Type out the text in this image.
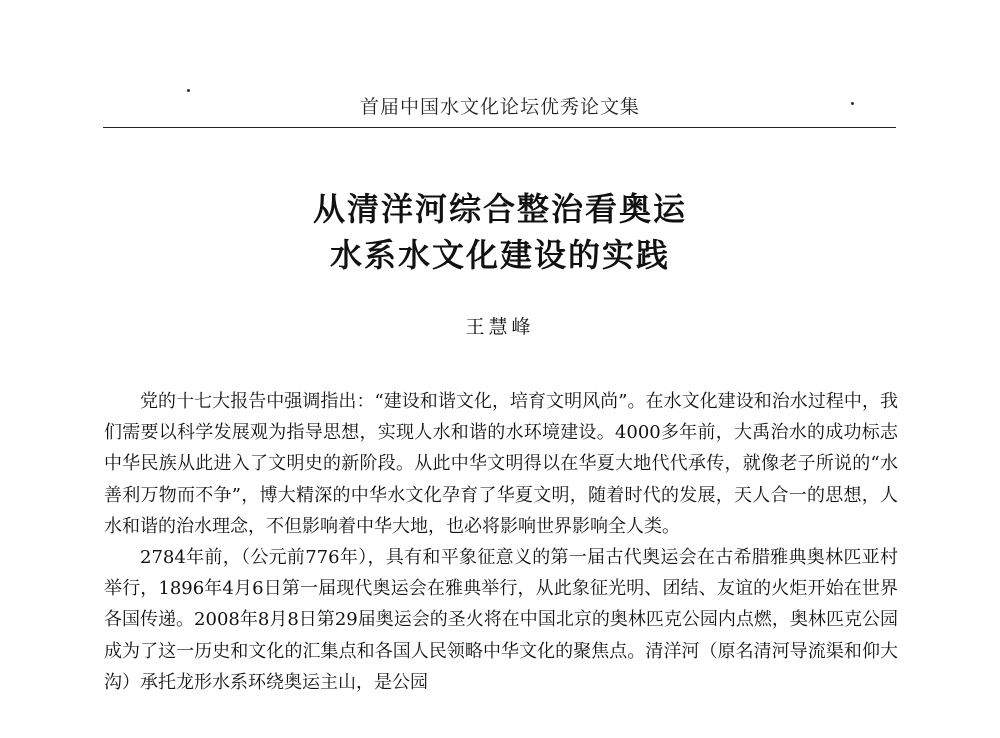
首届中国水文化论坛优秀论文集
从清洋河综合整治看奥运
水系水文化建设的实践
王慧峰

党的十七大报告中强调指出：“建设和谐文化，培育文明风尚”。在水文化建设和治水过程中，我们需要以科学发展观为指导思想，实现人水和谐的水环境建设。4000多年前，大禹治水的成功标志中华民族从此进入了文明史的新阶段。从此中华文明得以在华夏大地代代承传，就像老子所说的“水善利万物而不争”，博大精深的中华水文化孕育了华夏文明，随着时代的发展，天人合一的思想，人水和谐的治水理念，不但影响着中华大地，也必将影响世界影响全人类。

2784年前，（公元前776年），具有和平象征意义的第一届古代奥运会在古希腊雅典奥林匹亚村举行，1896年4月6日第一届现代奥运会在雅典举行，从此象征光明、团结、友谊的火炬开始在世界各国传递。2008年8月8日第29届奥运会的圣火将在中国北京的奥林匹克公园内点燃，奥林匹克公园成为了这一历史和文化的汇集点和各国人民领略中华文化的聚焦点。清洋河（原名清河导流渠和仰大沟）承托龙形水系环绕奥运主山，是公园
